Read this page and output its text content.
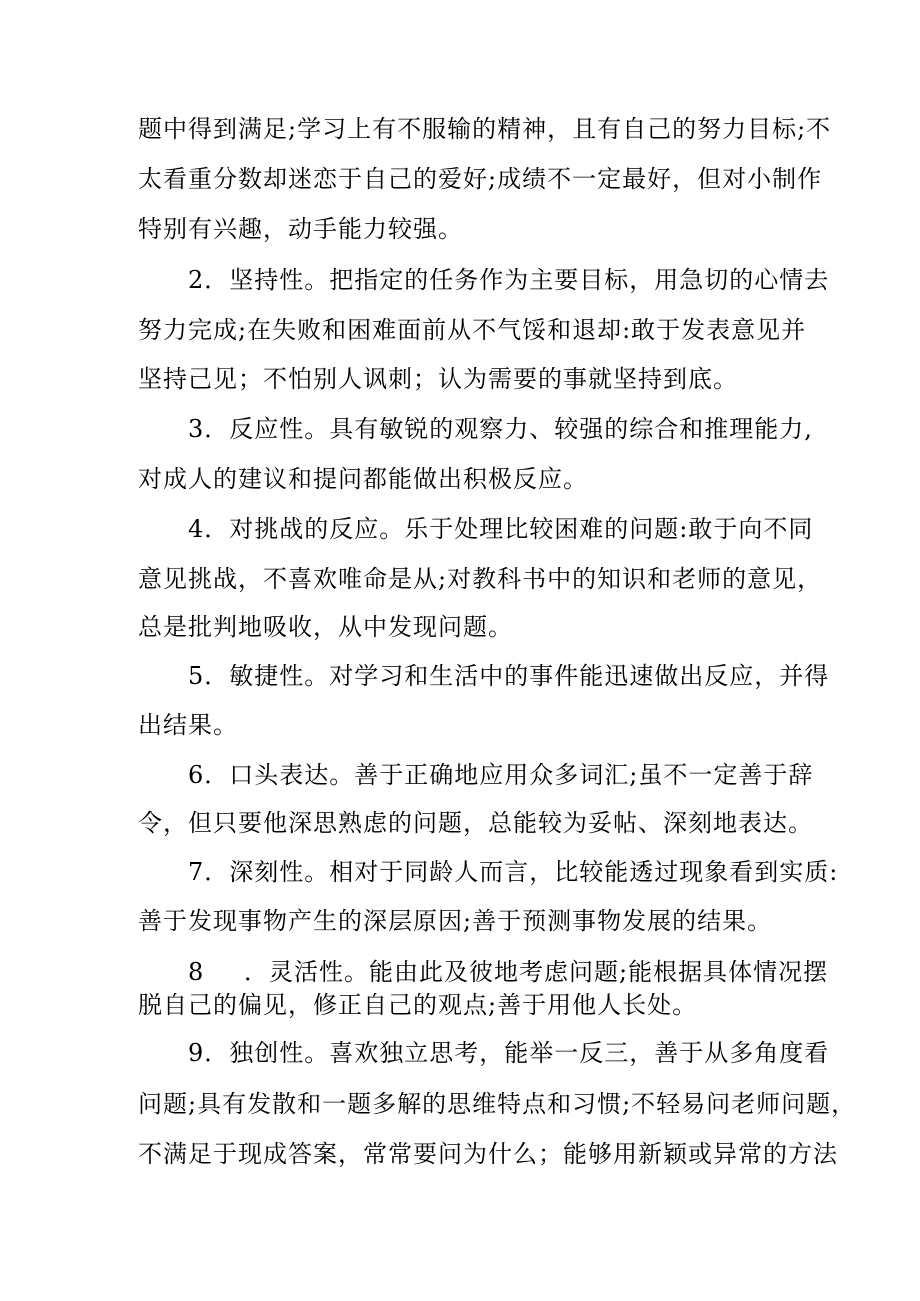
题中得到满足;学习上有不服输的精神，且有自己的努力目标;不

太看重分数却迷恋于自己的爱好;成绩不一定最好，但对小制作

特别有兴趣，动手能力较强。

2．坚持性。把指定的任务作为主要目标，用急切的心情去

努力完成;在失败和困难面前从不气馁和退却:敢于发表意见并

坚持己见；不怕别人讽刺；认为需要的事就坚持到底。

3．反应性。具有敏锐的观察力、较强的综合和推理能力,

对成人的建议和提问都能做出积极反应。

4．对挑战的反应。乐于处理比较困难的问题:敢于向不同

意见挑战，不喜欢唯命是从;对教科书中的知识和老师的意见，

总是批判地吸收，从中发现问题。

5．敏捷性。对学习和生活中的事件能迅速做出反应，并得

出结果。

6．口头表达。善于正确地应用众多词汇;虽不一定善于辞

令，但只要他深思熟虑的问题，总能较为妥帖、深刻地表达。

7．深刻性。相对于同龄人而言，比较能透过现象看到实质:

善于发现事物产生的深层原因;善于预测事物发展的结果。

8 ．灵活性。能由此及彼地考虑问题;能根据具体情况摆

脱自己的偏见，修正自己的观点;善于用他人长处。

9．独创性。喜欢独立思考，能举一反三，善于从多角度看

问题;具有发散和一题多解的思维特点和习惯;不轻易问老师问题，

不满足于现成答案，常常要问为什么；能够用新颖或异常的方法
